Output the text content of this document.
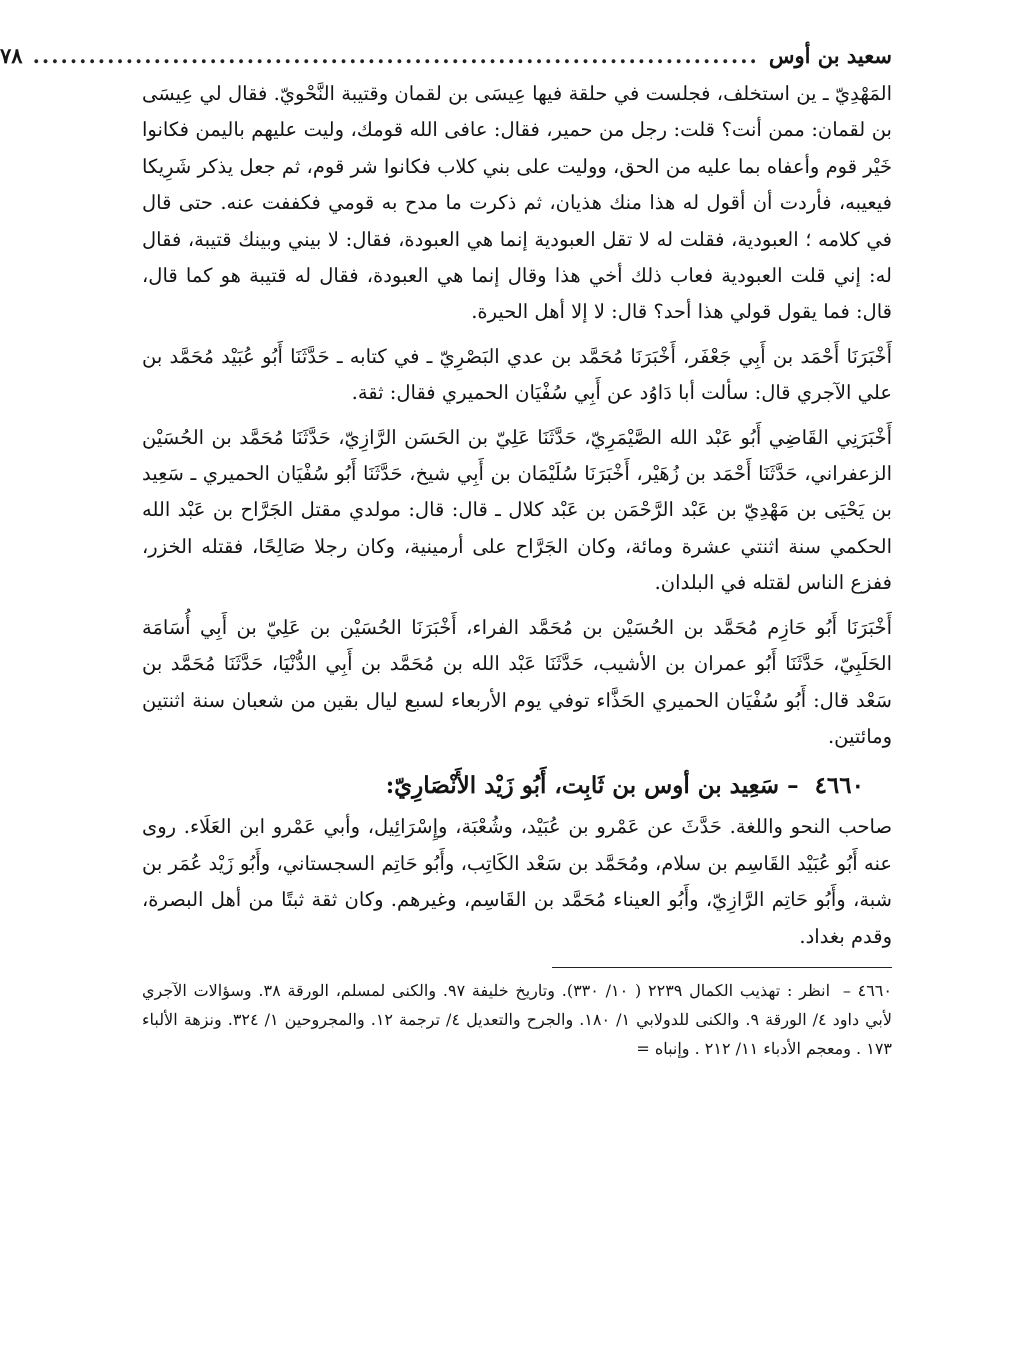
سعيد بن أوس
..............................................................................
٧٨

المَهْدِيّ ـ ين استخلف، فجلست في حلقة فيها عِيسَى بن لقمان وقتيبة النَّحْويّ. فقال لي عِيسَى بن لقمان: ممن أنت؟ قلت: رجل من حمير، فقال: عافى الله قومك، وليت عليهم باليمن فكانوا خَيْر قوم وأعفاه بما عليه من الحق، ووليت على بني كلاب فكانوا شر قوم، ثم جعل يذكر شَرِيكا فيعيبه، فأردت أن أقول له هذا منك هذيان، ثم ذكرت ما مدح به قومي فكففت عنه. حتى قال في كلامه ؛ العبودية، فقلت له لا تقل العبودية إنما هي العبودة، فقال: لا بيني وبينك قتيبة، فقال له: إني قلت العبودية فعاب ذلك أخي هذا وقال إنما هي العبودة، فقال له قتيبة هو كما قال، قال: فما يقول قولي هذا أحد؟ قال: لا إلا أهل الحيرة.

أَخْبَرَنَا أَحْمَد بن أَبِي جَعْفَر، أَخْبَرَنَا مُحَمَّد بن عدي البَصْرِيّ ـ في كتابه ـ حَدَّثَنَا أَبُو عُبَيْد مُحَمَّد بن علي الآجري قال: سألت أبا دَاوُد عن أَبِي سُفْيَان الحميري فقال: ثقة.

أَخْبَرَنِي القَاضِي أَبُو عَبْد الله الصَّيْمَرِيّ، حَدَّثَنَا عَلِيّ بن الحَسَن الرَّازِيّ، حَدَّثَنَا مُحَمَّد بن الحُسَيْن الزعفراني، حَدَّثَنَا أَحْمَد بن زُهَيْر، أَخْبَرَنَا سُلَيْمَان بن أَبِي شيخ، حَدَّثَنَا أَبُو سُفْيَان الحميري ـ سَعِيد بن يَحْيَى بن مَهْدِيّ بن عَبْد الرَّحْمَن بن عَبْد كلال ـ قال: قال: مولدي مقتل الجَرَّاح بن عَبْد الله الحكمي سنة اثنتي عشرة ومائة، وكان الجَرَّاح على أرمينية، وكان رجلا صَالِحًا، فقتله الخزر، ففزع الناس لقتله في البلدان.

أَخْبَرَنَا أَبُو حَازِم مُحَمَّد بن الحُسَيْن بن مُحَمَّد الفراء، أَخْبَرَنَا الحُسَيْن بن عَلِيّ بن أَبِي أُسَامَة الحَلَبِيّ، حَدَّثَنَا أَبُو عمران بن الأشيب، حَدَّثَنَا عَبْد الله بن مُحَمَّد بن أَبِي الدُّنْيَا، حَدَّثَنَا مُحَمَّد بن سَعْد قال: أَبُو سُفْيَان الحميري الحَذَّاء توفي يوم الأربعاء لسبع ليال بقين من شعبان سنة اثنتين ومائتين.

٤٦٦٠ – سَعِيد بن أوس بن ثَابِت، أَبُو زَيْد الأَنْصَارِيّ:

صاحب النحو واللغة. حَدَّثَ عن عَمْرو بن عُبَيْد، وشُعْبَة، وإِسْرَائِيل، وأبي عَمْرو ابن العَلَاء. روى عنه أَبُو عُبَيْد القَاسِم بن سلام، ومُحَمَّد بن سَعْد الكَاتِب، وأَبُو حَاتِم السجستاني، وأَبُو زَيْد عُمَر بن شبة، وأَبُو حَاتِم الرَّازِيّ، وأَبُو العيناء مُحَمَّد بن القَاسِم، وغيرهم. وكان ثقة ثبتًا من أهل البصرة، وقدم بغداد.

٤٦٦٠ – انظر : تهذيب الكمال ٢٢٣٩ ( ١٠/ ٣٣٠). وتاريخ خليفة ٩٧. والكنى لمسلم، الورقة ٣٨. وسؤالات الآجري لأبي داود ٤/ الورقة ٩. والكنى للدولابي ١/ ١٨٠. والجرح والتعديل ٤/ ترجمة ١٢. والمجروحين ١/ ٣٢٤. ونزهة الألباء ١٧٣ . ومعجم الأدباء ١١/ ٢١٢ . وإنباه =
